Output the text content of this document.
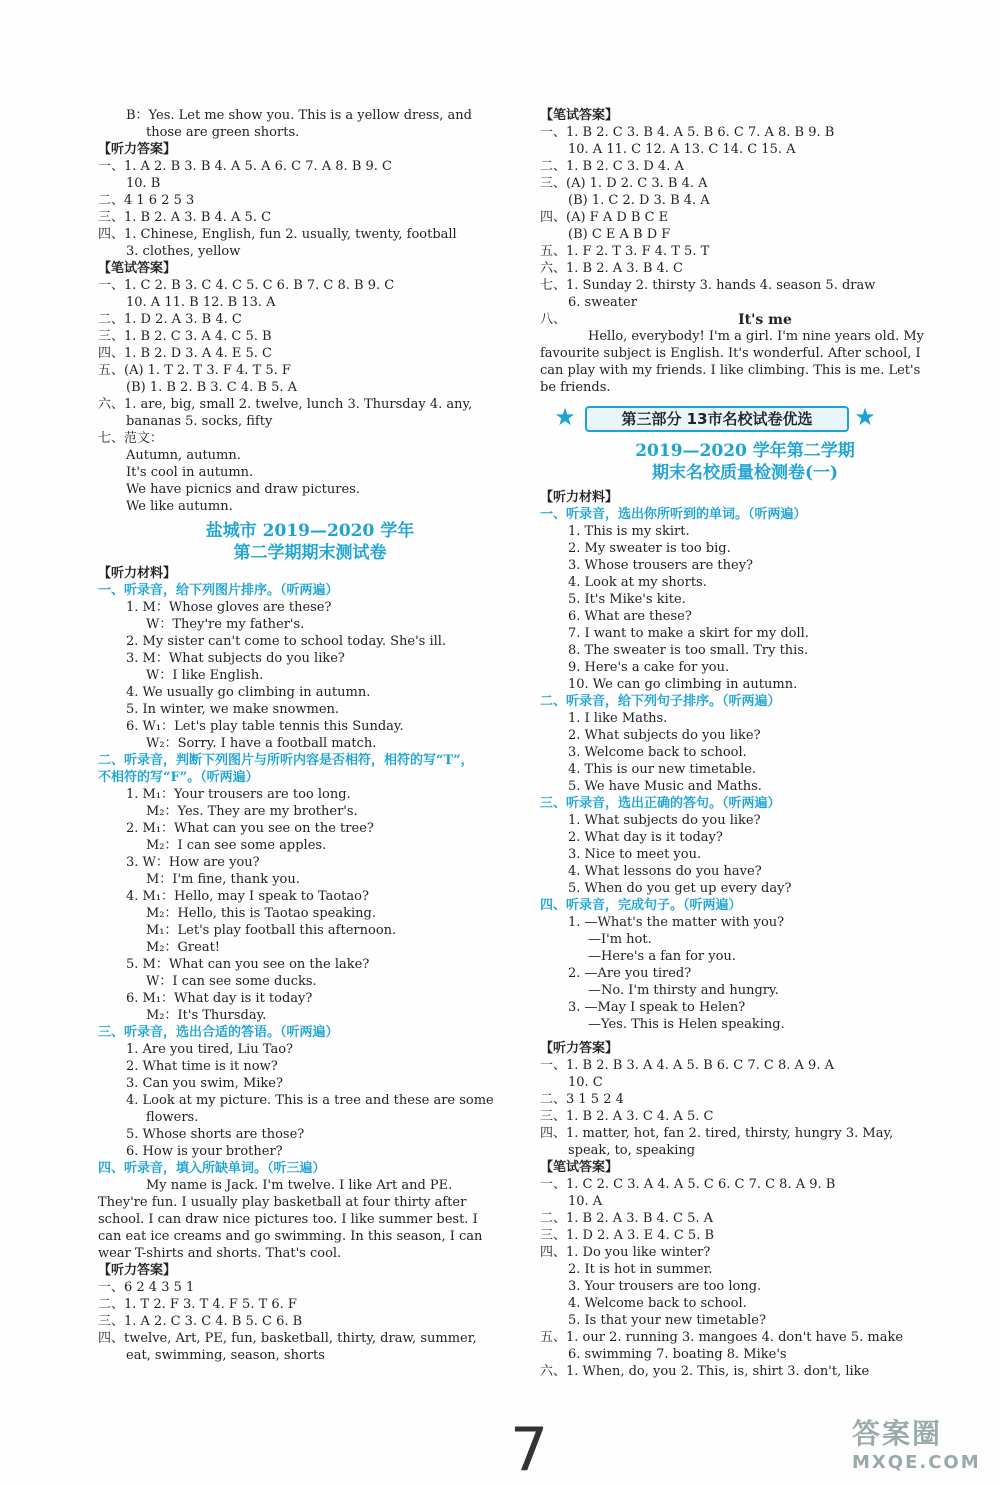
B：Yes. Let me show you. This is a yellow dress, and
those are green shorts.
【听力答案】
一、1. A 2. B 3. B 4. A 5. A 6. C 7. A 8. B 9. C
10. B
二、4 1 6 2 5 3
三、1. B 2. A 3. B 4. A 5. C
四、1. Chinese, English, fun 2. usually, twenty, football
3. clothes, yellow
【笔试答案】
一、1. C 2. B 3. C 4. C 5. C 6. B 7. C 8. B 9. C
10. A 11. B 12. B 13. A
二、1. D 2. A 3. B 4. C
三、1. B 2. C 3. A 4. C 5. B
四、1. B 2. D 3. A 4. E 5. C
五、(A) 1. T 2. T 3. F 4. T 5. F
(B) 1. B 2. B 3. C 4. B 5. A
六、1. are, big, small 2. twelve, lunch 3. Thursday 4. any,
bananas 5. socks, fifty
七、范文：
Autumn, autumn.
It's cool in autumn.
We have picnics and draw pictures.
We like autumn.
【听力材料】
一、听录音，给下列图片排序。（听两遍）
1. M：Whose gloves are these?
W：They're my father's.
2. My sister can't come to school today. She's ill.
3. M：What subjects do you like?
W：I like English.
4. We usually go climbing in autumn.
5. In winter, we make snowmen.
6. W₁：Let's play table tennis this Sunday.
W₂：Sorry. I have a football match.
二、听录音，判断下列图片与所听内容是否相符，相符的写“T”，
不相符的写“F”。（听两遍）
1. M₁：Your trousers are too long.
M₂：Yes. They are my brother's.
2. M₁：What can you see on the tree?
M₂：I can see some apples.
3. W：How are you?
M：I'm fine, thank you.
4. M₁：Hello, may I speak to Taotao?
M₂：Hello, this is Taotao speaking.
M₁：Let's play football this afternoon.
M₂：Great!
5. M：What can you see on the lake?
W：I can see some ducks.
6. M₁：What day is it today?
M₂：It's Thursday.
三、听录音，选出合适的答语。（听两遍）
1. Are you tired, Liu Tao?
2. What time is it now?
3. Can you swim, Mike?
4. Look at my picture. This is a tree and these are some
flowers.
5. Whose shorts are those?
6. How is your brother?
四、听录音，填入所缺单词。（听三遍）
My name is Jack. I'm twelve. I like Art and PE.
They're fun. I usually play basketball at four thirty after
school. I can draw nice pictures too. I like summer best. I
can eat ice creams and go swimming. In this season, I can
wear T-shirts and shorts. That's cool.
【听力答案】
一、6 2 4 3 5 1
二、1. T 2. F 3. T 4. F 5. T 6. F
三、1. A 2. C 3. C 4. B 5. C 6. B
四、twelve, Art, PE, fun, basketball, thirty, draw, summer,
eat, swimming, season, shorts
【笔试答案】
一、1. B 2. C 3. B 4. A 5. B 6. C 7. A 8. B 9. B
10. A 11. C 12. A 13. C 14. C 15. A
二、1. B 2. C 3. D 4. A
三、(A) 1. D 2. C 3. B 4. A
(B) 1. C 2. D 3. B 4. A
四、(A) F A D B C E
(B) C E A B D F
五、1. F 2. T 3. F 4. T 5. T
六、1. B 2. A 3. B 4. C
七、1. Sunday 2. thirsty 3. hands 4. season 5. draw
6. sweater
八、
Hello, everybody! I'm a girl. I'm nine years old. My
favourite subject is English. It's wonderful. After school, I
can play with my friends. I like climbing. This is me. Let's
be friends.
【听力材料】
一、听录音，选出你所听到的单词。（听两遍）
1. This is my skirt.
2. My sweater is too big.
3. Whose trousers are they?
4. Look at my shorts.
5. It's Mike's kite.
6. What are these?
7. I want to make a skirt for my doll.
8. The sweater is too small. Try this.
9. Here's a cake for you.
10. We can go climbing in autumn.
二、听录音，给下列句子排序。（听两遍）
1. I like Maths.
2. What subjects do you like?
3. Welcome back to school.
4. This is our new timetable.
5. We have Music and Maths.
三、听录音，选出正确的答句。（听两遍）
1. What subjects do you like?
2. What day is it today?
3. Nice to meet you.
4. What lessons do you have?
5. When do you get up every day?
四、听录音，完成句子。（听两遍）
1. —What's the matter with you?
—I'm hot.
—Here's a fan for you.
2. —Are you tired?
—No. I'm thirsty and hungry.
3. —May I speak to Helen?
—Yes. This is Helen speaking.
【听力答案】
一、1. B 2. B 3. A 4. A 5. B 6. C 7. C 8. A 9. A
10. C
二、3 1 5 2 4
三、1. B 2. A 3. C 4. A 5. C
四、1. matter, hot, fan 2. tired, thirsty, hungry 3. May,
speak, to, speaking
【笔试答案】
一、1. C 2. C 3. A 4. A 5. C 6. C 7. C 8. A 9. B
10. A
二、1. B 2. A 3. B 4. C 5. A
三、1. D 2. A 3. E 4. C 5. B
四、1. Do you like winter?
2. It is hot in summer.
3. Your trousers are too long.
4. Welcome back to school.
5. Is that your new timetable?
五、1. our 2. running 3. mangoes 4. don't have 5. make
6. swimming 7. boating 8. Mike's
六、1. When, do, you 2. This, is, shirt 3. don't, like
盐城市 2019—2020 学年
第二学期期末测试卷
It's me
★	第三部分 13市名校试卷优选	★
2019—2020 学年第二学期
期末名校质量检测卷(一)
7	答案圈
MXQE.COM
